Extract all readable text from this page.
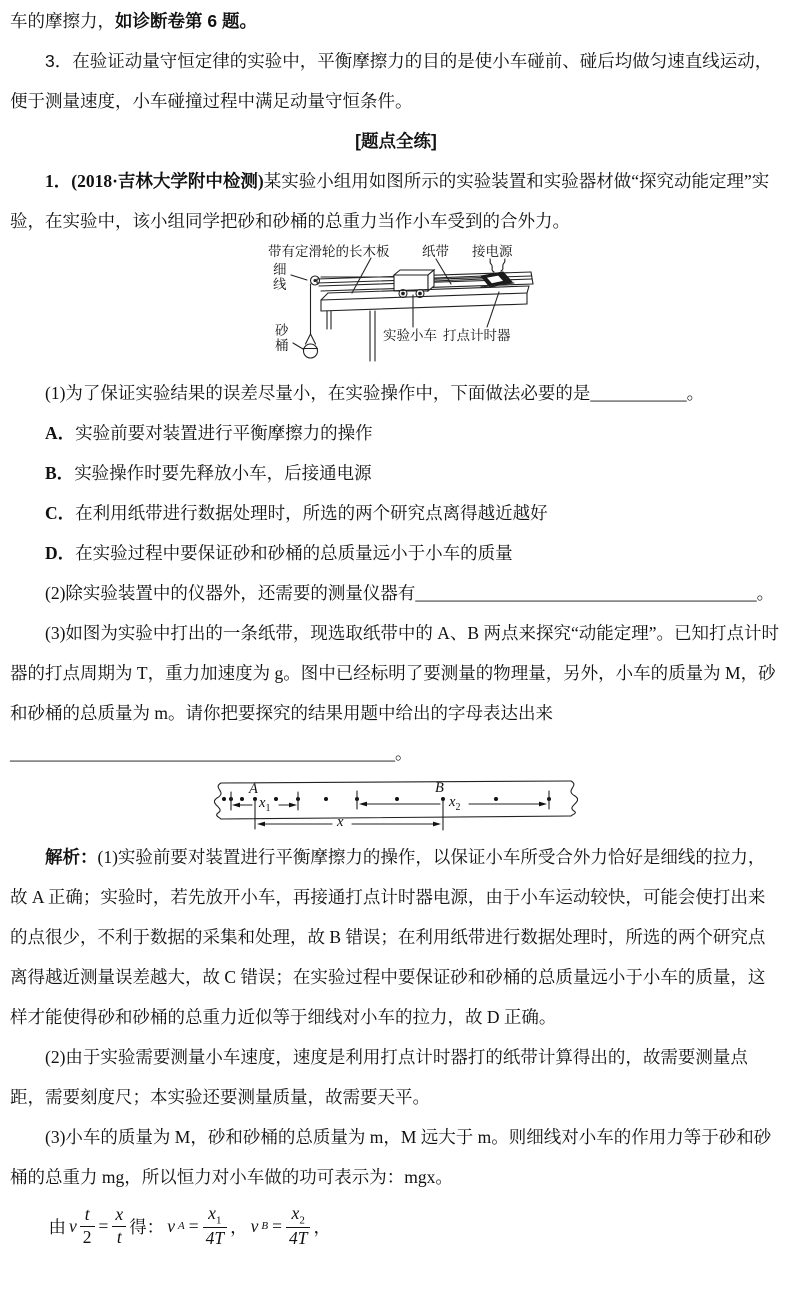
车的摩擦力，如诊断卷第 6 题。

3．在验证动量守恒定律的实验中，平衡摩擦力的目的是使小车碰前、碰后均做匀速直线运动，便于测量速度，小车碰撞过程中满足动量守恒条件。

[题点全练]

1．(2018·吉林大学附中检测)某实验小组用如图所示的实验装置和实验器材做“探究动能定理”实验，在实验中，该小组同学把砂和砂桶的总重力当作小车受到的合外力。

带有定滑轮的长木板 纸带 接电源
细线
砂桶
实验小车 打点计时器

(1)为了保证实验结果的误差尽量小，在实验操作中，下面做法必要的是___________。

A．实验前要对装置进行平衡摩擦力的操作

B．实验操作时要先释放小车，后接通电源

C．在利用纸带进行数据处理时，所选的两个研究点离得越近越好

D．在实验过程中要保证砂和砂桶的总质量远小于小车的质量

(2)除实验装置中的仪器外，还需要的测量仪器有_______________________________________。

(3)如图为实验中打出的一条纸带，现选取纸带中的 A、B 两点来探究“动能定理”。已知打点计时器的打点周期为 T，重力加速度为 g。图中已经标明了要测量的物理量，另外，小车的质量为 M，砂和砂桶的总质量为 m。请你把要探究的结果用题中给出的字母表达出来____________________________________________。

A	B
$x_1$	$x_2$
x

解析：(1)实验前要对装置进行平衡摩擦力的操作，以保证小车所受合外力恰好是细线的拉力，故 A 正确；实验时，若先放开小车，再接通打点计时器电源，由于小车运动较快，可能会使打出来的点很少，不利于数据的采集和处理，故 B 错误；在利用纸带进行数据处理时，所选的两个研究点离得越近测量误差越大，故 C 错误；在实验过程中要保证砂和砂桶的总质量远小于小车的质量，这样才能使得砂和砂桶的总重力近似等于细线对小车的拉力，故 D 正确。

(2)由于实验需要测量小车速度，速度是利用打点计时器打的纸带计算得出的，故需要测量点距，需要刻度尺；本实验还要测量质量，故需要天平。

(3)小车的质量为 M，砂和砂桶的总质量为 m，M 远大于 m。则细线对小车的作用力等于砂和砂桶的总重力 mg，所以恒力对小车做的功可表示为：mgx。

由 v $\frac{t}{2} = \frac{x}{t}$ 得： v $A = \frac{x_1}{4T}$ ， v $B = \frac{x_2}{4T}$ ，
